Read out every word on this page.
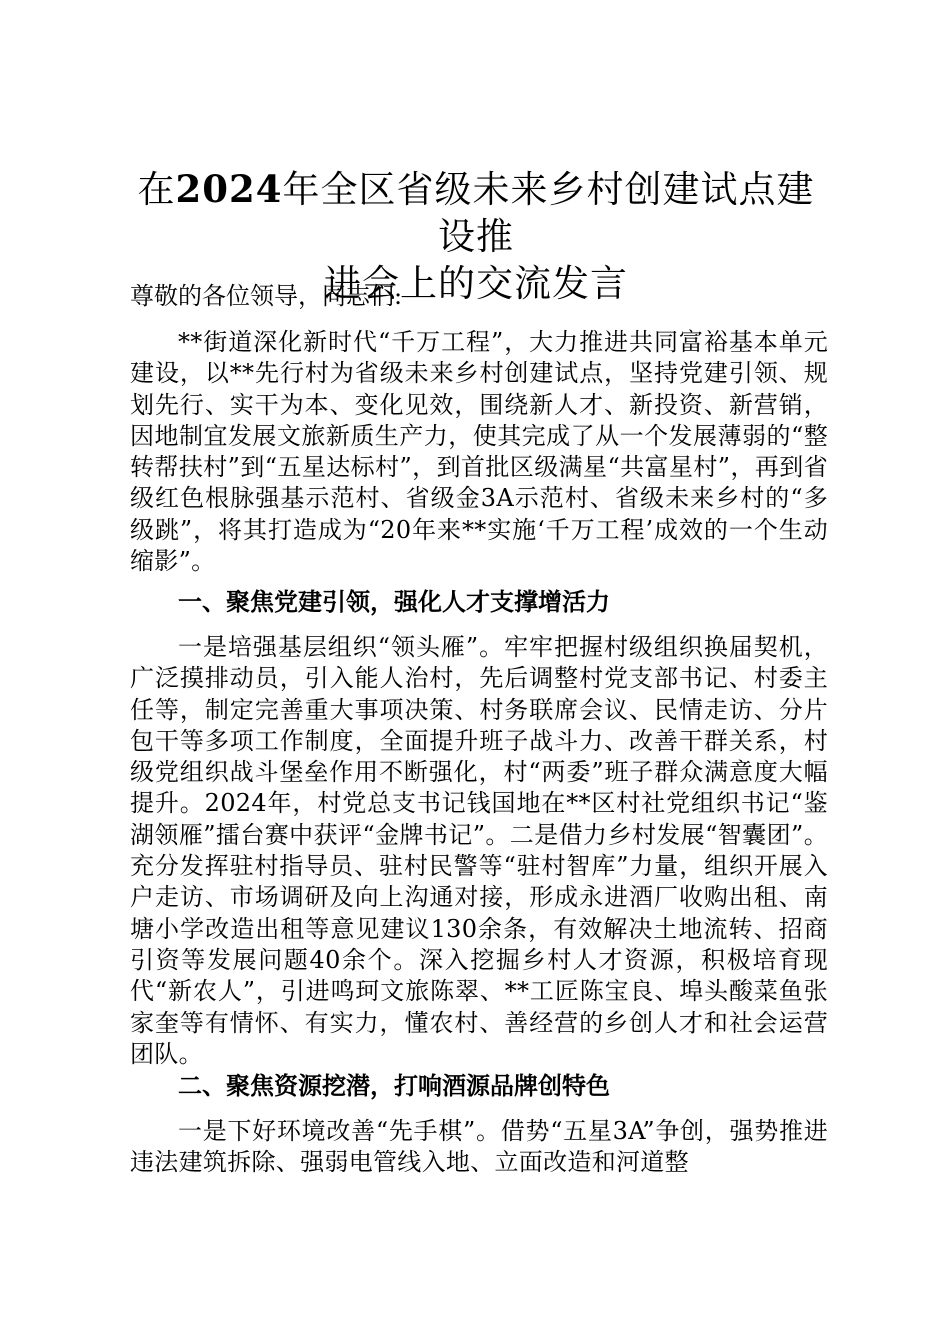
在2024年全区省级未来乡村创建试点建设推
进会上的交流发言

尊敬的各位领导，同志们:

**街道深化新时代“千万工程”，大力推进共同富裕基本单元建设，以**先行村为省级未来乡村创建试点，坚持党建引领、规划先行、实干为本、变化见效，围绕新人才、新投资、新营销，因地制宜发展文旅新质生产力，使其完成了从一个发展薄弱的“整转帮扶村”到“五星达标村”，到首批区级满星“共富星村”，再到省级红色根脉强基示范村、省级金3A示范村、省级未来乡村的“多级跳”，将其打造成为“20年来**实施‘千万工程’成效的一个生动缩影”。

一、聚焦党建引领，强化人才支撑增活力

一是培强基层组织“领头雁”。牢牢把握村级组织换届契机，广泛摸排动员，引入能人治村，先后调整村党支部书记、村委主任等，制定完善重大事项决策、村务联席会议、民情走访、分片包干等多项工作制度，全面提升班子战斗力、改善干群关系，村级党组织战斗堡垒作用不断强化，村“两委”班子群众满意度大幅提升。2024年，村党总支书记钱国地在**区村社党组织书记“鉴湖领雁”擂台赛中获评“金牌书记”。二是借力乡村发展“智囊团”。充分发挥驻村指导员、驻村民警等“驻村智库”力量，组织开展入户走访、市场调研及向上沟通对接，形成永进酒厂收购出租、南塘小学改造出租等意见建议130余条，有效解决土地流转、招商引资等发展问题40余个。深入挖掘乡村人才资源，积极培育现代“新农人”，引进鸣珂文旅陈翠、**工匠陈宝良、埠头酸菜鱼张家奎等有情怀、有实力，懂农村、善经营的乡创人才和社会运营团队。

二、聚焦资源挖潜，打响酒源品牌创特色

一是下好环境改善“先手棋”。借势“五星3A”争创，强势推进违法建筑拆除、强弱电管线入地、立面改造和河道整
